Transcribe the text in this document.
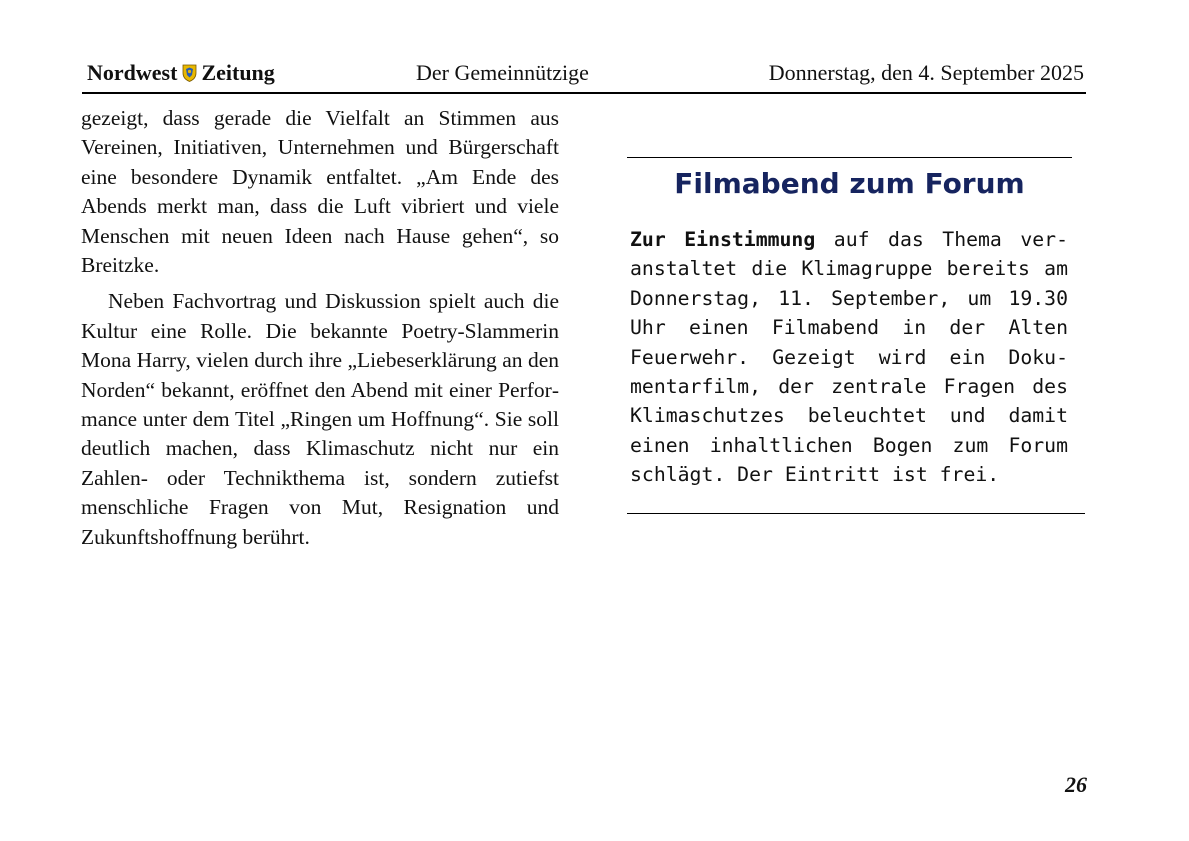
Nordwest Zeitung	Der Gemeinnützige	Donnerstag, den 4. September 2025

gezeigt, dass gerade die Vielfalt an Stimmen aus Vereinen, Initiativen, Unternehmen und Bürgerschaft eine besondere Dynamik entfaltet. „Am Ende des Abends merkt man, dass die Luft vibriert und viele Menschen mit neuen Ideen nach Hause gehen“, so Breitzke.

Neben Fachvortrag und Diskussion spielt auch die Kultur eine Rolle. Die bekannte Poetry-Slammerin Mona Harry, vielen durch ihre „Liebeserklärung an den Norden“ bekannt, eröffnet den Abend mit einer Performance unter dem Titel „Ringen um Hoffnung“. Sie soll deutlich machen, dass Klimaschutz nicht nur ein Zahlen- oder Technikthema ist, sondern zutiefst menschliche Fragen von Mut, Resignation und Zukunftshoffnung berührt.

Filmabend zum Forum
Zur Einstimmung auf das Thema veranstaltet die Klimagruppe bereits am Donnerstag, 11. September, um 19.30 Uhr einen Filmabend in der Alten Feuerwehr. Gezeigt wird ein Dokumentarfilm, der zentrale Fragen des Klimaschutzes beleuchtet und damit einen inhaltlichen Bogen zum Forum schlägt. Der Eintritt ist frei.
26
